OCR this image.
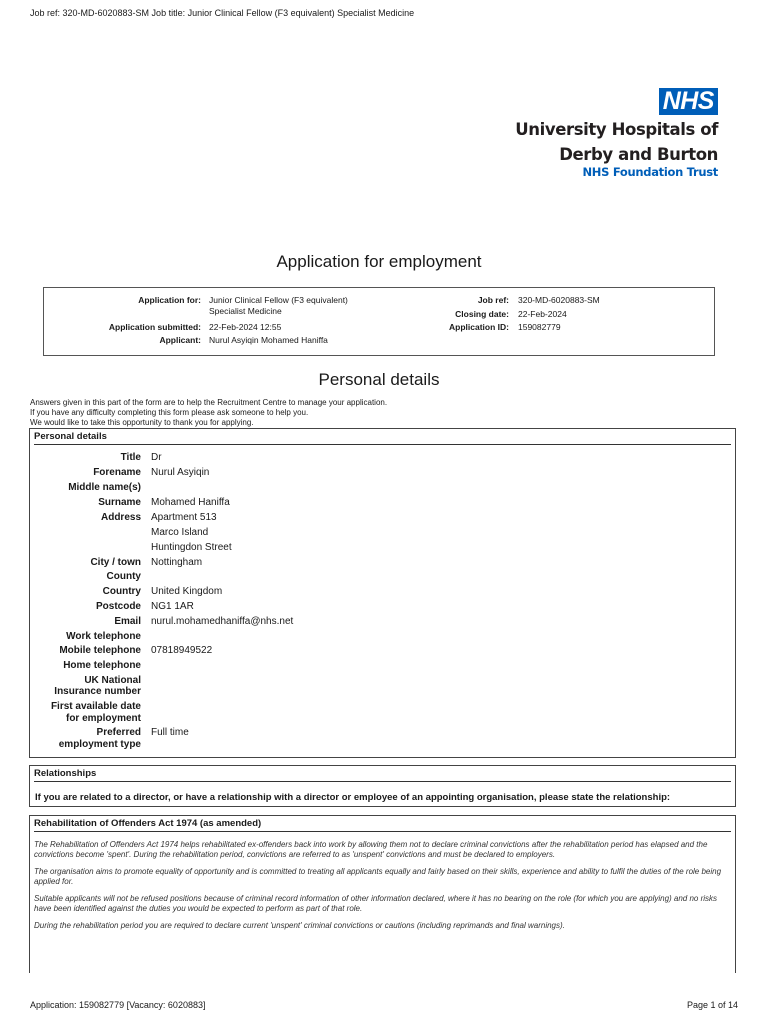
Job ref: 320-MD-6020883-SM Job title: Junior Clinical Fellow (F3 equivalent) Specialist Medicine
NHS
University Hospitals of
Derby and Burton
NHS Foundation Trust
Application for employment
Application for: Junior Clinical Fellow (F3 equivalent)
Specialist Medicine
Application submitted: 22-Feb-2024 12:55
Applicant: Nurul Asyiqin Mohamed Haniffa
Job ref: 320-MD-6020883-SM
Closing date: 22-Feb-2024
Application ID: 159082779
Personal details
Answers given in this part of the form are to help the Recruitment Centre to manage your application.
If you have any difficulty completing this form please ask someone to help you.
We would like to take this opportunity to thank you for applying.
Personal details
Title Dr
Forename Nurul Asyiqin
Middle name(s)
Surname Mohamed Haniffa
Address Apartment 513
Marco Island
Huntingdon Street
City / town Nottingham
County
Country United Kingdom
Postcode NG1 1AR
Email nurul.mohamedhaniffa@nhs.net
Work telephone
Mobile telephone 07818949522
Home telephone
UK National
Insurance number
First available date
for employment
Preferred Full time
employment type
Relationships
If you are related to a director, or have a relationship with a director or employee of an appointing organisation, please state the relationship:
Rehabilitation of Offenders Act 1974 (as amended)
The Rehabilitation of Offenders Act 1974 helps rehabilitated ex-offenders back into work by allowing them not to declare criminal convictions after the rehabilitation period has elapsed and the convictions become 'spent'. During the rehabilitation period, convictions are referred to as 'unspent' convictions and must be declared to employers.
The organisation aims to promote equality of opportunity and is committed to treating all applicants equally and fairly based on their skills, experience and ability to fulfil the duties of the role being applied for.
Suitable applicants will not be refused positions because of criminal record information of other information declared, where it has no bearing on the role (for which you are applying) and no risks have been identified against the duties you would be expected to perform as part of that role.
During the rehabilitation period you are required to declare current 'unspent' criminal convictions or cautions (including reprimands and final warnings).
Application: 159082779 [Vacancy: 6020883]	Page 1 of 14
